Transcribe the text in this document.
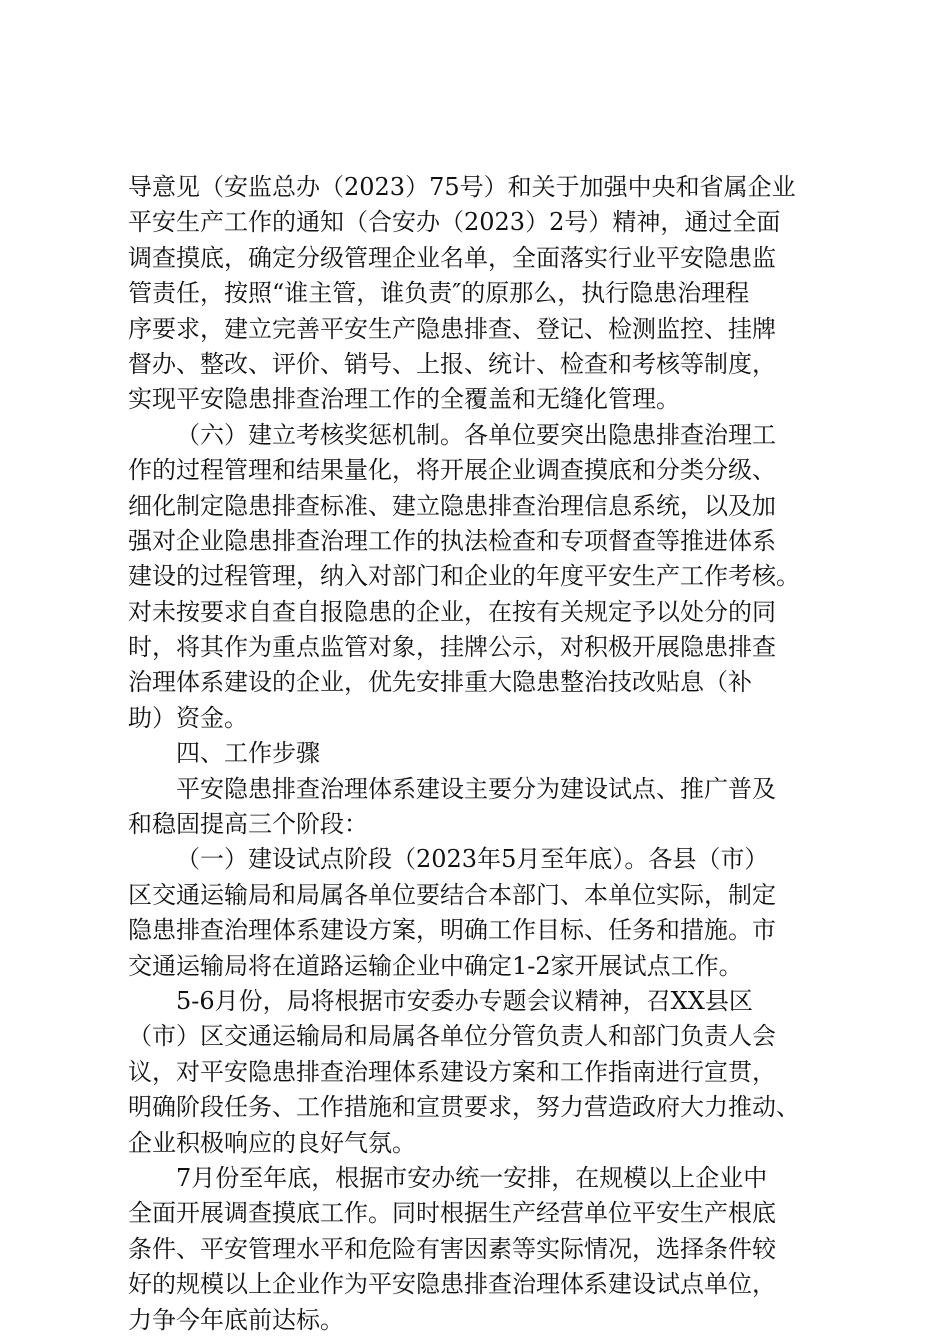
导意见（安监总办（2023）75号）和关于加强中央和省属企业
平安生产工作的通知（合安办（2023）2号）精神，通过全面
调查摸底，确定分级管理企业名单，全面落实行业平安隐患监
管责任，按照“谁主管，谁负责″的原那么，执行隐患治理程
序要求，建立完善平安生产隐患排查、登记、检测监控、挂牌
督办、整改、评价、销号、上报、统计、检查和考核等制度，
实现平安隐患排查治理工作的全覆盖和无缝化管理。
（六）建立考核奖惩机制。各单位要突出隐患排查治理工
作的过程管理和结果量化，将开展企业调查摸底和分类分级、
细化制定隐患排查标准、建立隐患排查治理信息系统，以及加
强对企业隐患排查治理工作的执法检查和专项督查等推进体系
建设的过程管理，纳入对部门和企业的年度平安生产工作考核。
对未按要求自查自报隐患的企业，在按有关规定予以处分的同
时，将其作为重点监管对象，挂牌公示，对积极开展隐患排查
治理体系建设的企业，优先安排重大隐患整治技改贴息（补
助）资金。
四、工作步骤
平安隐患排查治理体系建设主要分为建设试点、推广普及
和稳固提高三个阶段：
（一）建设试点阶段（2023年5月至年底）。各县（市）
区交通运输局和局属各单位要结合本部门、本单位实际，制定
隐患排查治理体系建设方案，明确工作目标、任务和措施。市
交通运输局将在道路运输企业中确定1-2家开展试点工作。
5-6月份，局将根据市安委办专题会议精神，召XX县区
（市）区交通运输局和局属各单位分管负责人和部门负责人会
议，对平安隐患排查治理体系建设方案和工作指南进行宣贯，
明确阶段任务、工作措施和宣贯要求，努力营造政府大力推动、
企业积极响应的良好气氛。
7月份至年底，根据市安办统一安排，在规模以上企业中
全面开展调查摸底工作。同时根据生产经营单位平安生产根底
条件、平安管理水平和危险有害因素等实际情况，选择条件较
好的规模以上企业作为平安隐患排查治理体系建设试点单位，
力争今年底前达标。
